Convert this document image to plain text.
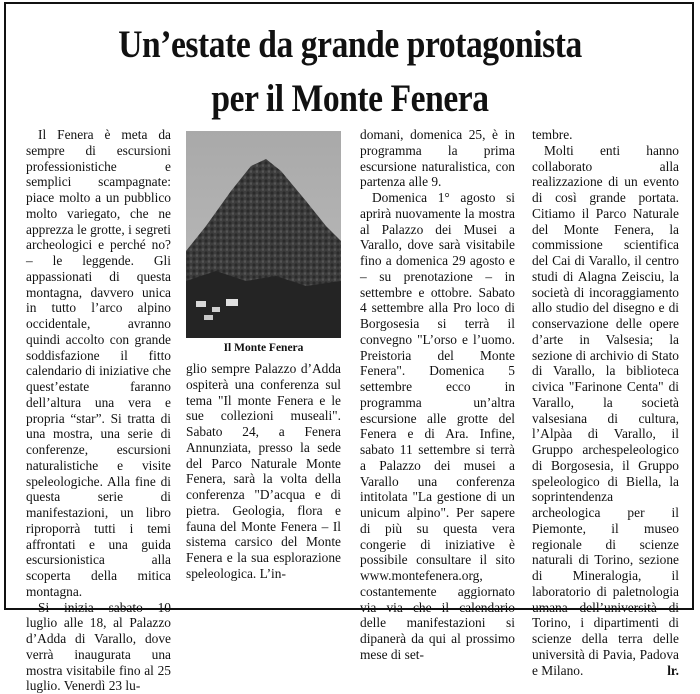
Un’estate da grande protagonista
per il Monte Fenera

Il Fenera è meta da sempre di escursioni professionistiche e semplici scampagnate: piace molto a un pubblico molto variegato, che ne apprezza le grotte, i segreti archeologici e perché no? – le leggende. Gli appassionati di questa montagna, davvero unica in tutto l’arco alpino occidentale, avranno quindi accolto con grande soddisfazione il fitto calendario di iniziative che quest’estate faranno dell’altura una vera e propria “star”. Si tratta di una mostra, una serie di conferenze, escursioni naturalistiche e visite speleologiche. Alla fine di questa serie di manifestazioni, un libro riproporrà tutti i temi affrontati e una guida escursionistica alla scoperta della mitica montagna.

Si inizia sabato 10 luglio alle 18, al Palazzo d’Adda di Varallo, dove verrà inaugurata una mostra visitabile fino al 25 luglio. Venerdì 23 lu-

Il Monte Fenera

glio sempre Palazzo d’Adda ospiterà una conferenza sul tema "Il monte Fenera e le sue collezioni museali". Sabato 24, a Fenera Annunziata, presso la sede del Parco Naturale Monte Fenera, sarà la volta della conferenza "D’acqua e di pietra. Geologia, flora e fauna del Monte Fenera – Il sistema carsico del Monte Fenera e la sua esplorazione speleologica. L’in-

domani, domenica 25, è in programma la prima escursione naturalistica, con partenza alle 9.

Domenica 1° agosto si aprirà nuovamente la mostra al Palazzo dei Musei a Varallo, dove sarà visitabile fino a domenica 29 agosto e – su prenotazione – in settembre e ottobre. Sabato 4 settembre alla Pro loco di Borgosesia si terrà il convegno "L’orso e l’uomo. Preistoria del Monte Fenera". Domenica 5 settembre ecco in programma un’altra escursione alle grotte del Fenera e di Ara. Infine, sabato 11 settembre si terrà a Palazzo dei musei a Varallo una conferenza intitolata "La gestione di un unicum alpino". Per sapere di più su questa vera congerie di iniziative è possibile consultare il sito www.montefenera.org, costantemente aggiornato via via che il calendario delle manifestazioni si dipanerà da qui al prossimo mese di set-

tembre.

Molti enti hanno collaborato alla realizzazione di un evento di così grande portata. Citiamo il Parco Naturale del Monte Fenera, la commissione scientifica del Cai di Varallo, il centro studi di Alagna Zeisciu, la società di incoraggiamento allo studio del disegno e di conservazione delle opere d’arte in Valsesia; la sezione di archivio di Stato di Varallo, la biblioteca civica "Farinone Centa" di Varallo, la società valsesiana di cultura, l’Alpàa di Varallo, il Gruppo archespeleologico di Borgosesia, il Gruppo speleologico di Biella, la soprintendenza archeologica per il Piemonte, il museo regionale di scienze naturali di Torino, sezione di Mineralogia, il laboratorio di paletnologia umana dell’università di Torino, i dipartimenti di scienze della terra delle università di Pavia, Padova e Milano.	lr.
